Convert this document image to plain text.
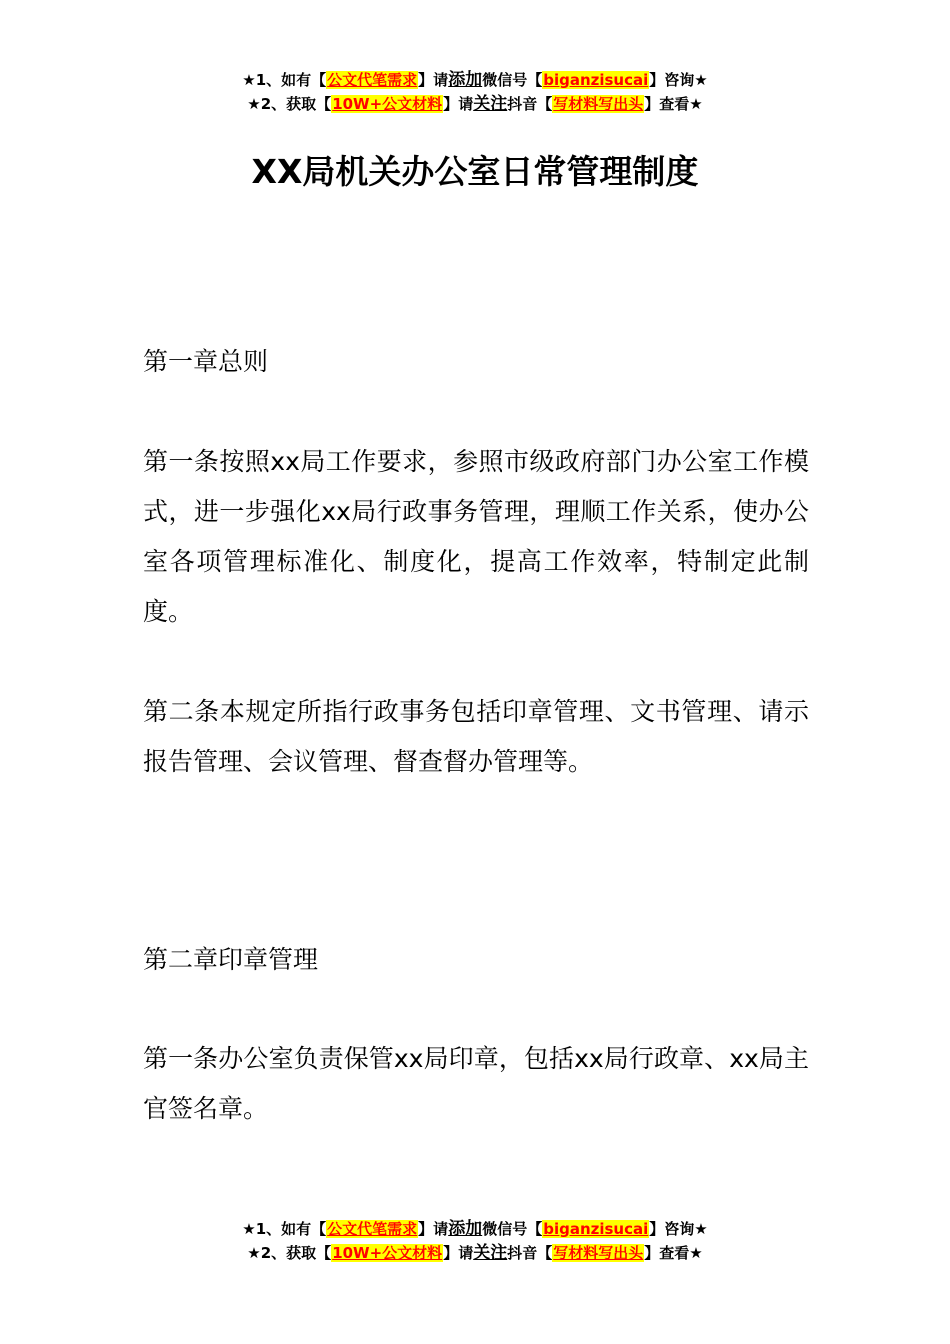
★1、如有【公文代笔需求】请添加微信号【biganzisucai】咨询★
★2、获取【10W+公文材料】请关注抖音【写材料写出头】查看★
XX局机关办公室日常管理制度

第一章总则

第一条按照xx局工作要求，参照市级政府部门办公室工作模式，进一步强化xx局行政事务管理，理顺工作关系，使办公室各项管理标准化、制度化，提高工作效率，特制定此制度。

第二条本规定所指行政事务包括印章管理、文书管理、请示报告管理、会议管理、督查督办管理等。

第二章印章管理

第一条办公室负责保管xx局印章，包括xx局行政章、xx局主官签名章。

★1、如有【公文代笔需求】请添加微信号【biganzisucai】咨询★
★2、获取【10W+公文材料】请关注抖音【写材料写出头】查看★
